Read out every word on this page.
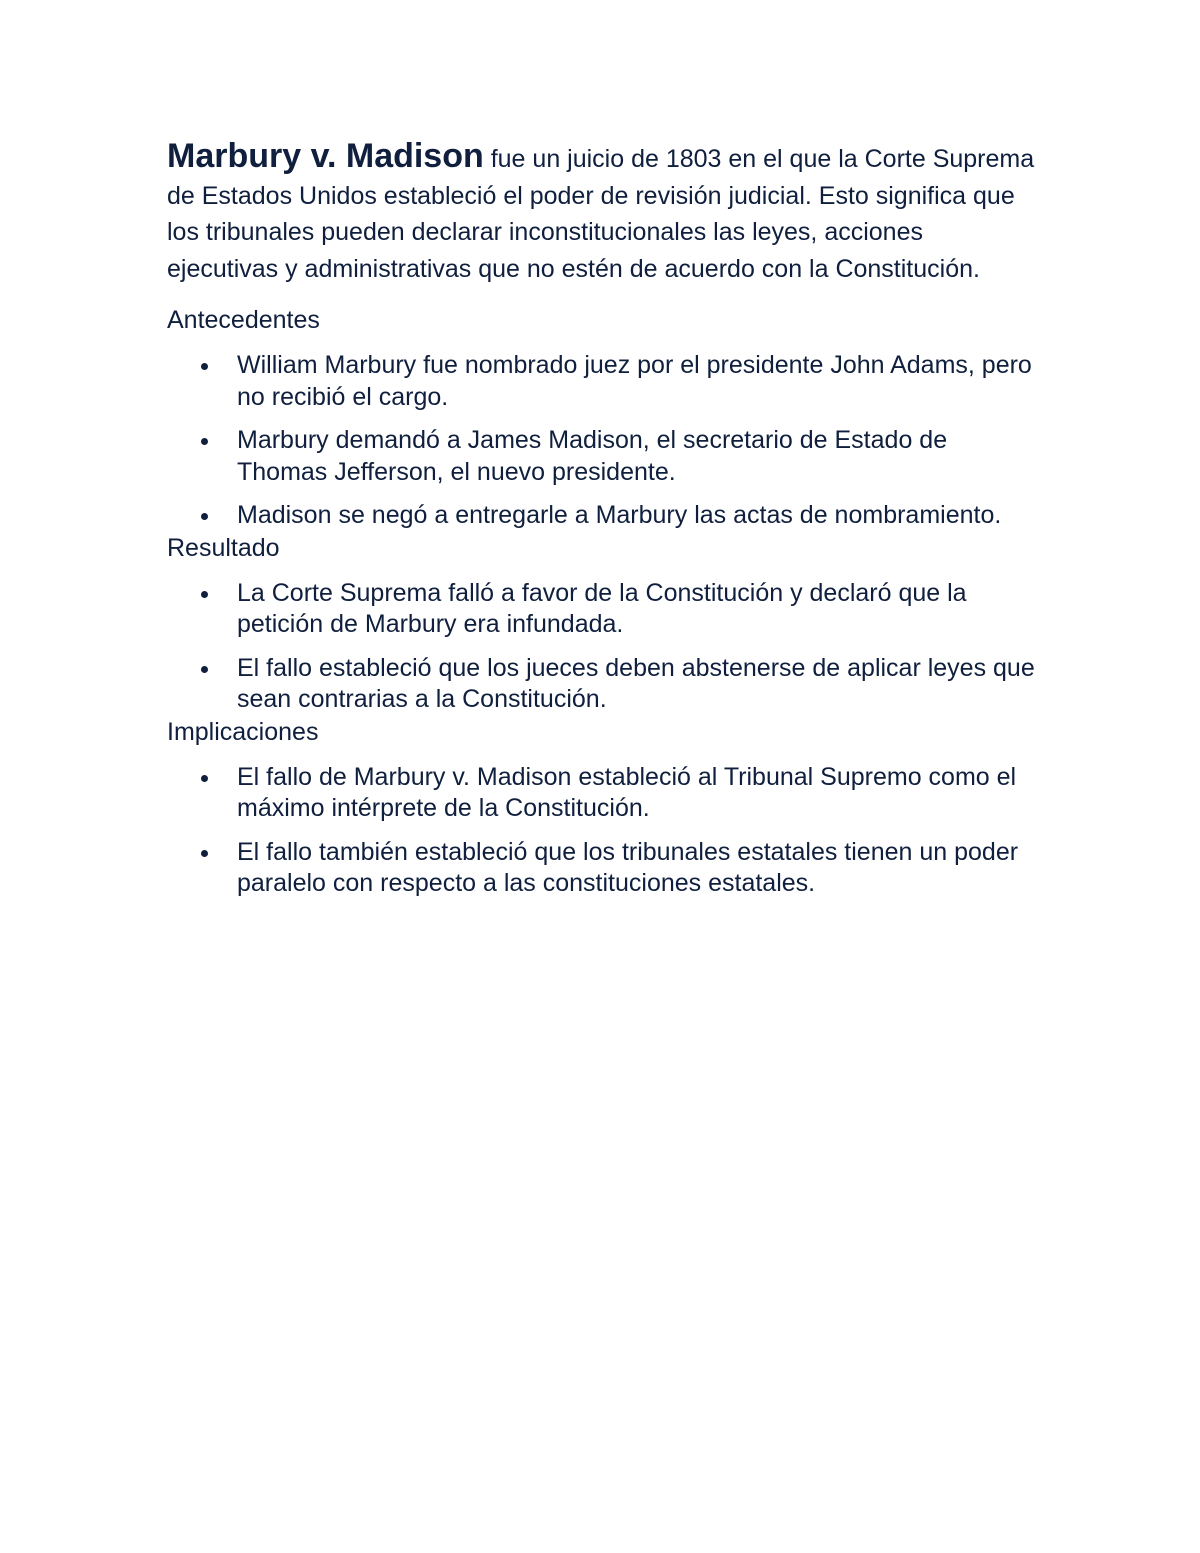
Marbury v. Madison fue un juicio de 1803 en el que la Corte Suprema de Estados Unidos estableció el poder de revisión judicial. Esto significa que los tribunales pueden declarar inconstitucionales las leyes, acciones ejecutivas y administrativas que no estén de acuerdo con la Constitución.

Antecedentes
William Marbury fue nombrado juez por el presidente John Adams, pero no recibió el cargo.
Marbury demandó a James Madison, el secretario de Estado de Thomas Jefferson, el nuevo presidente.
Madison se negó a entregarle a Marbury las actas de nombramiento.
Resultado
La Corte Suprema falló a favor de la Constitución y declaró que la petición de Marbury era infundada.
El fallo estableció que los jueces deben abstenerse de aplicar leyes que sean contrarias a la Constitución.
Implicaciones
El fallo de Marbury v. Madison estableció al Tribunal Supremo como el máximo intérprete de la Constitución.
El fallo también estableció que los tribunales estatales tienen un poder paralelo con respecto a las constituciones estatales.
